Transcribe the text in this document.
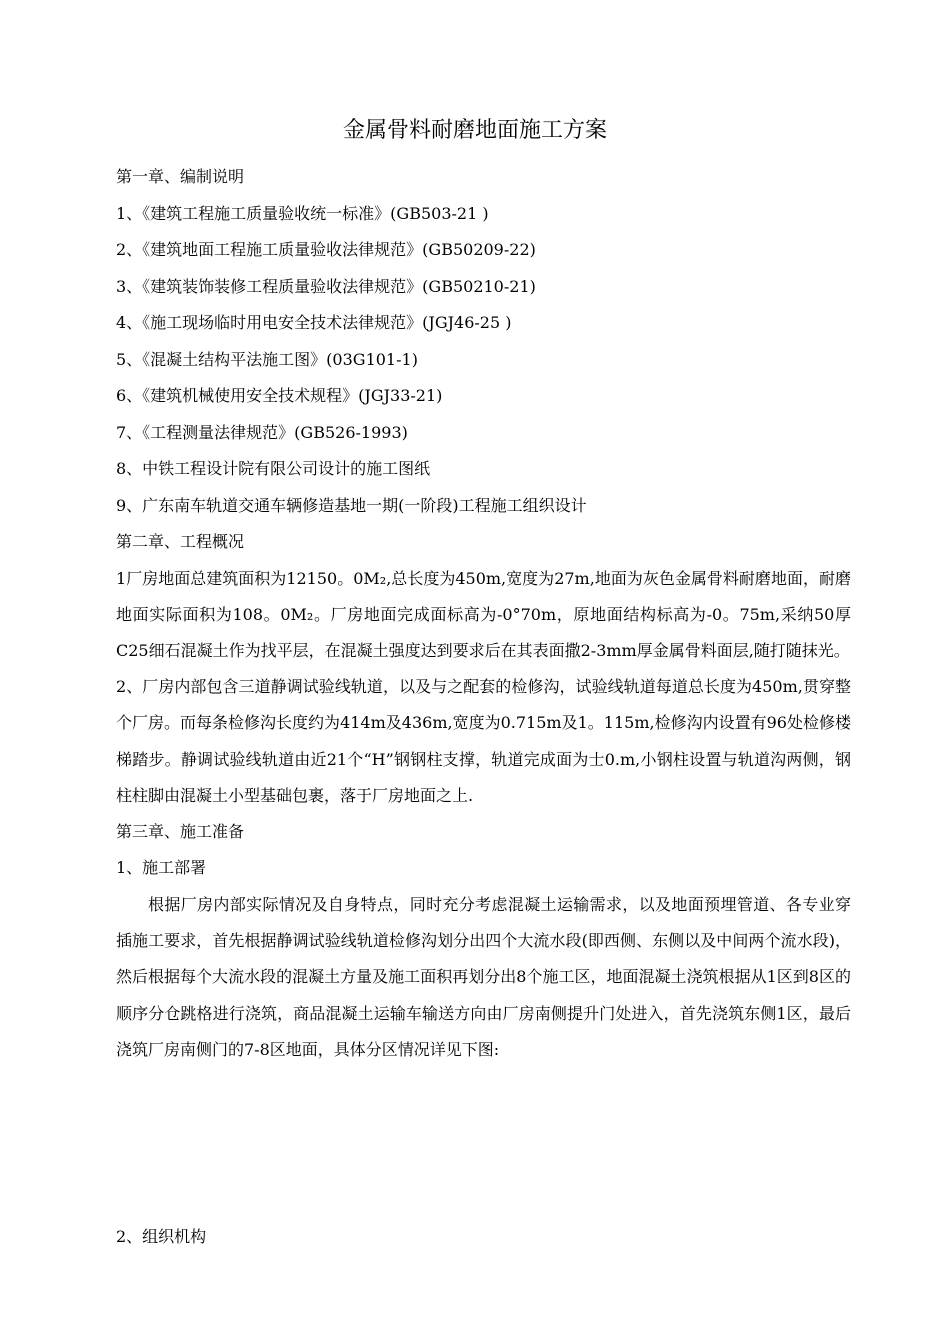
金属骨料耐磨地面施工方案
第一章、编制说明
1、《建筑工程施工质量验收统一标准》(GB503-21 )
2、《建筑地面工程施工质量验收法律规范》(GB50209-22)
3、《建筑装饰装修工程质量验收法律规范》(GB50210-21)
4、《施工现场临时用电安全技术法律规范》(JGJ46-25 )
5、《混凝土结构平法施工图》(03G101-1)
6、《建筑机械使用安全技术规程》(JGJ33-21)
7、《工程测量法律规范》(GB526-1993)
8、中铁工程设计院有限公司设计的施工图纸
9、广东南车轨道交通车辆修造基地一期(一阶段)工程施工组织设计
第二章、工程概况
1厂房地面总建筑面积为12150。0M₂,总长度为450m,宽度为27m,地面为灰色金属骨料耐磨地面，耐磨地面实际面积为108。0M₂。厂房地面完成面标高为-0°70m，原地面结构标高为-0。75m,采纳50厚C25细石混凝土作为找平层，在混凝土强度达到要求后在其表面撒2-3mm厚金属骨料面层,随打随抹光。
2、厂房内部包含三道静调试验线轨道，以及与之配套的检修沟，试验线轨道每道总长度为450m,贯穿整个厂房。而每条检修沟长度约为414m及436m,宽度为0.715m及1。115m,检修沟内设置有96处检修楼梯踏步。静调试验线轨道由近21个“H”钢钢柱支撑，轨道完成面为士0.m,小钢柱设置与轨道沟两侧，钢柱柱脚由混凝土小型基础包裹，落于厂房地面之上.
第三章、施工准备
1、施工部署
根据厂房内部实际情况及自身特点，同时充分考虑混凝土运输需求，以及地面预埋管道、各专业穿插施工要求，首先根据静调试验线轨道检修沟划分出四个大流水段(即西侧、东侧以及中间两个流水段)，然后根据每个大流水段的混凝土方量及施工面积再划分出8个施工区，地面混凝土浇筑根据从1区到8区的顺序分仓跳格进行浇筑，商品混凝土运输车输送方向由厂房南侧提升门处进入，首先浇筑东侧1区，最后浇筑厂房南侧门的7-8区地面，具体分区情况详见下图:
2、组织机构
